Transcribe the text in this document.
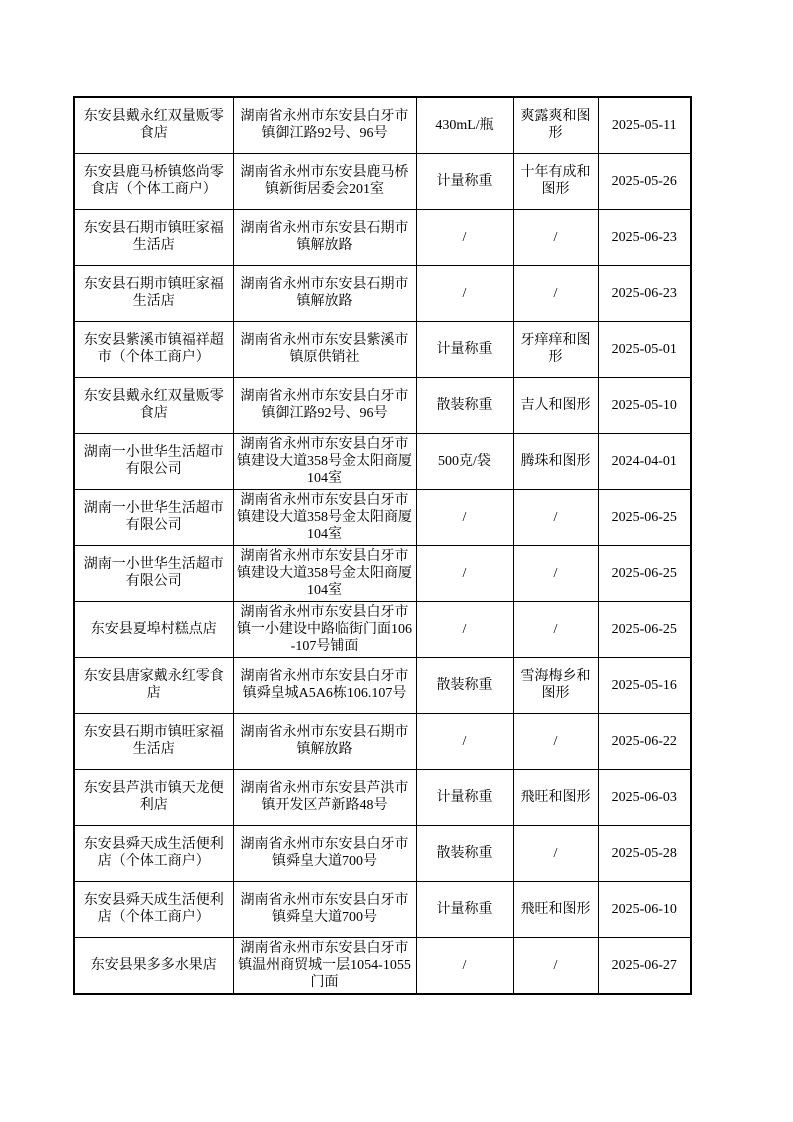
东安县戴永红双量贩零食店	湖南省永州市东安县白牙市镇御江路92号、96号	430mL/瓶	爽露爽和图形	2025-05-11
东安县鹿马桥镇悠尚零食店（个体工商户）	湖南省永州市东安县鹿马桥镇新街居委会201室	计量称重	十年有成和图形	2025-05-26
东安县石期市镇旺家福生活店	湖南省永州市东安县石期市镇解放路	/	/	2025-06-23
东安县石期市镇旺家福生活店	湖南省永州市东安县石期市镇解放路	/	/	2025-06-23
东安县紫溪市镇福祥超市（个体工商户）	湖南省永州市东安县紫溪市镇原供销社	计量称重	牙痒痒和图形	2025-05-01
东安县戴永红双量贩零食店	湖南省永州市东安县白牙市镇御江路92号、96号	散装称重	吉人和图形	2025-05-10
湖南一小世华生活超市有限公司	湖南省永州市东安县白牙市镇建设大道358号金太阳商厦104室	500克/袋	腾珠和图形	2024-04-01
湖南一小世华生活超市有限公司	湖南省永州市东安县白牙市镇建设大道358号金太阳商厦104室	/	/	2025-06-25
湖南一小世华生活超市有限公司	湖南省永州市东安县白牙市镇建设大道358号金太阳商厦104室	/	/	2025-06-25
东安县夏埠村糕点店	湖南省永州市东安县白牙市镇一小建设中路临街门面106-107号铺面	/	/	2025-06-25
东安县唐家戴永红零食店	湖南省永州市东安县白牙市镇舜皇城A5A6栋106.107号	散装称重	雪海梅乡和图形	2025-05-16
东安县石期市镇旺家福生活店	湖南省永州市东安县石期市镇解放路	/	/	2025-06-22
东安县芦洪市镇天龙便利店	湖南省永州市东安县芦洪市镇开发区芦新路48号	计量称重	飛旺和图形	2025-06-03
东安县舜天成生活便利店（个体工商户）	湖南省永州市东安县白牙市镇舜皇大道700号	散装称重	/	2025-05-28
东安县舜天成生活便利店（个体工商户）	湖南省永州市东安县白牙市镇舜皇大道700号	计量称重	飛旺和图形	2025-06-10
东安县果多多水果店	湖南省永州市东安县白牙市镇温州商贸城一层1054-1055门面	/	/	2025-06-27
